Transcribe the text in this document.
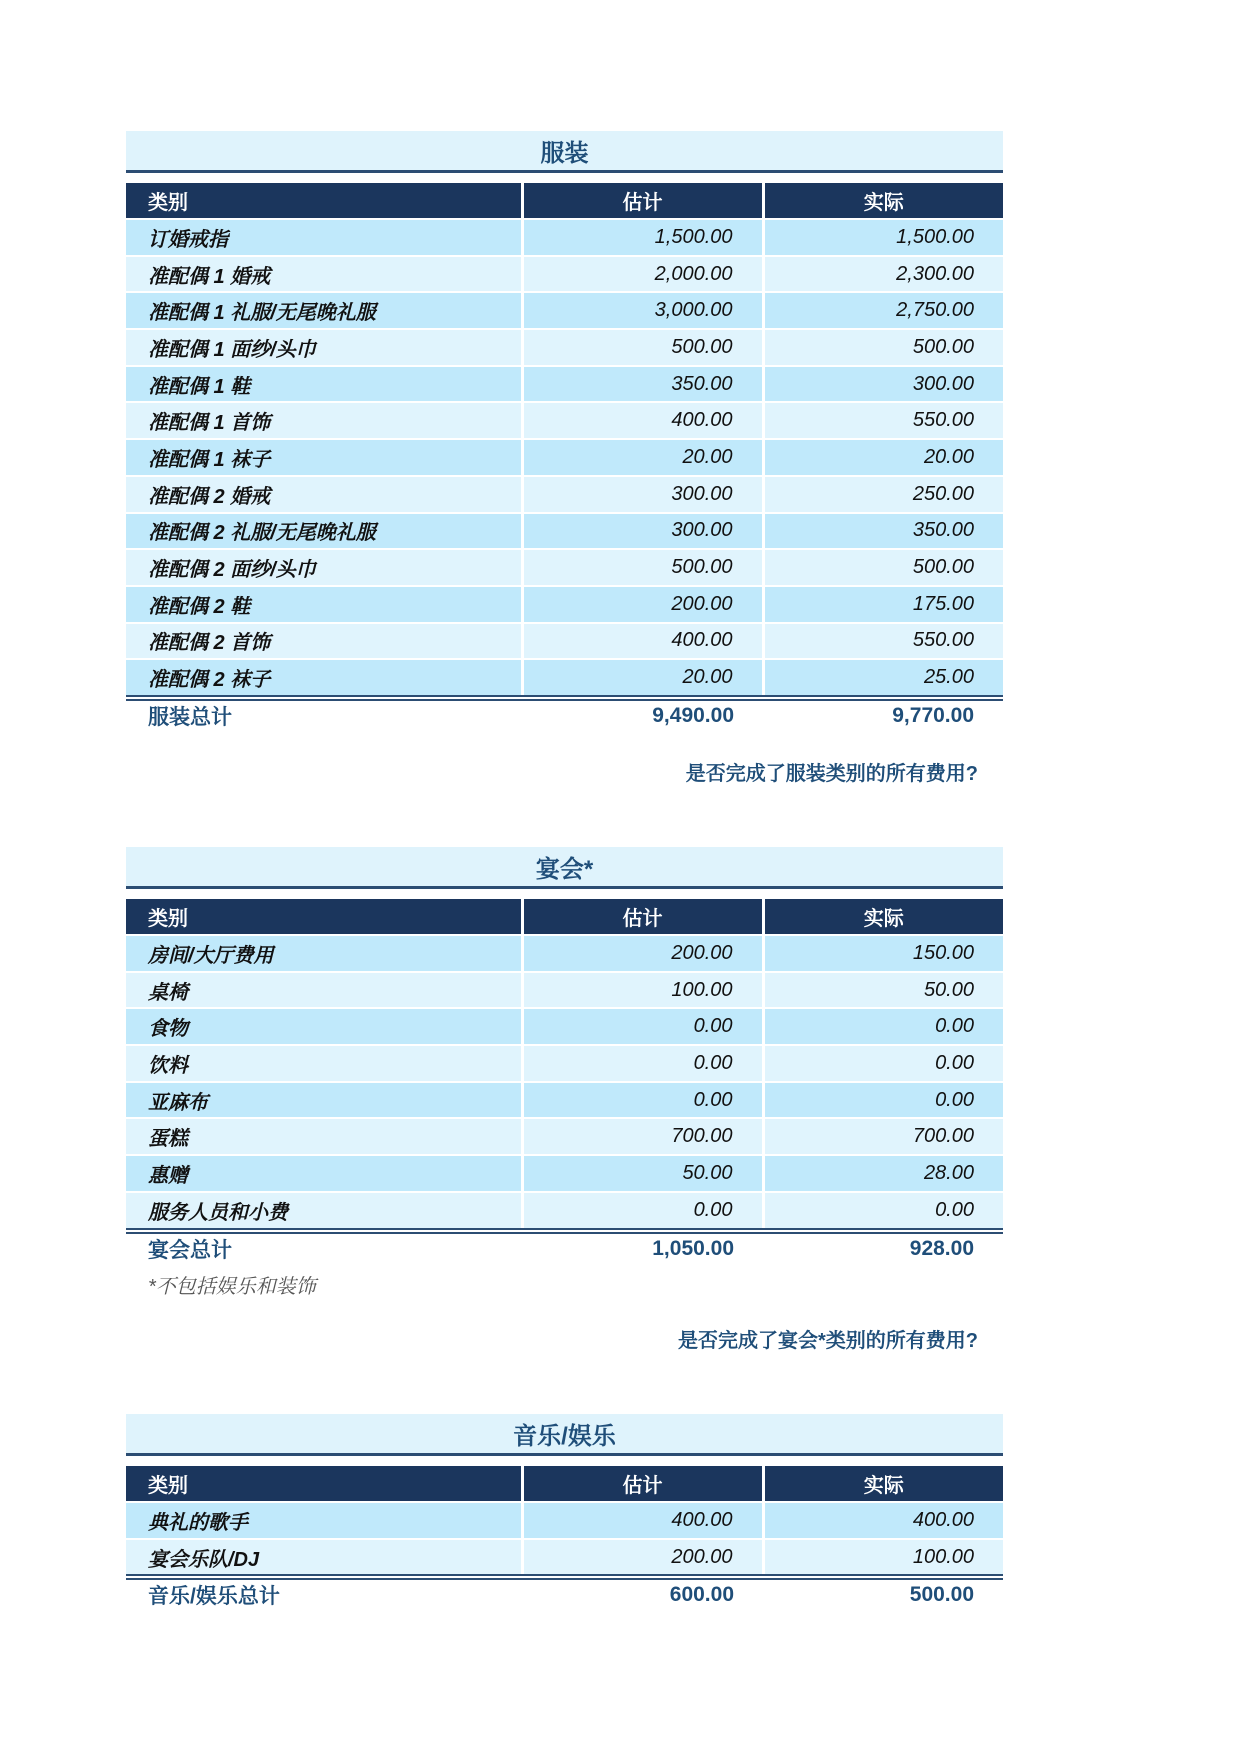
服装
类别	估计	实际
订婚戒指	1,500.00	1,500.00
准配偶 1 婚戒	2,000.00	2,300.00
准配偶 1 礼服/无尾晚礼服	3,000.00	2,750.00
准配偶 1 面纱/头巾	500.00	500.00
准配偶 1 鞋	350.00	300.00
准配偶 1 首饰	400.00	550.00
准配偶 1 袜子	20.00	20.00
准配偶 2 婚戒	300.00	250.00
准配偶 2 礼服/无尾晚礼服	300.00	350.00
准配偶 2 面纱/头巾	500.00	500.00
准配偶 2 鞋	200.00	175.00
准配偶 2 首饰	400.00	550.00
准配偶 2 袜子	20.00	25.00
服装总计	9,490.00	9,770.00
是否完成了服装类别的所有费用?
宴会*
类别	估计	实际
房间/大厅费用	200.00	150.00
桌椅	100.00	50.00
食物	0.00	0.00
饮料	0.00	0.00
亚麻布	0.00	0.00
蛋糕	700.00	700.00
惠赠	50.00	28.00
服务人员和小费	0.00	0.00
宴会总计	1,050.00	928.00
*不包括娱乐和装饰
是否完成了宴会*类别的所有费用?
音乐/娱乐
类别	估计	实际
典礼的歌手	400.00	400.00
宴会乐队/DJ	200.00	100.00
音乐/娱乐总计	600.00	500.00
